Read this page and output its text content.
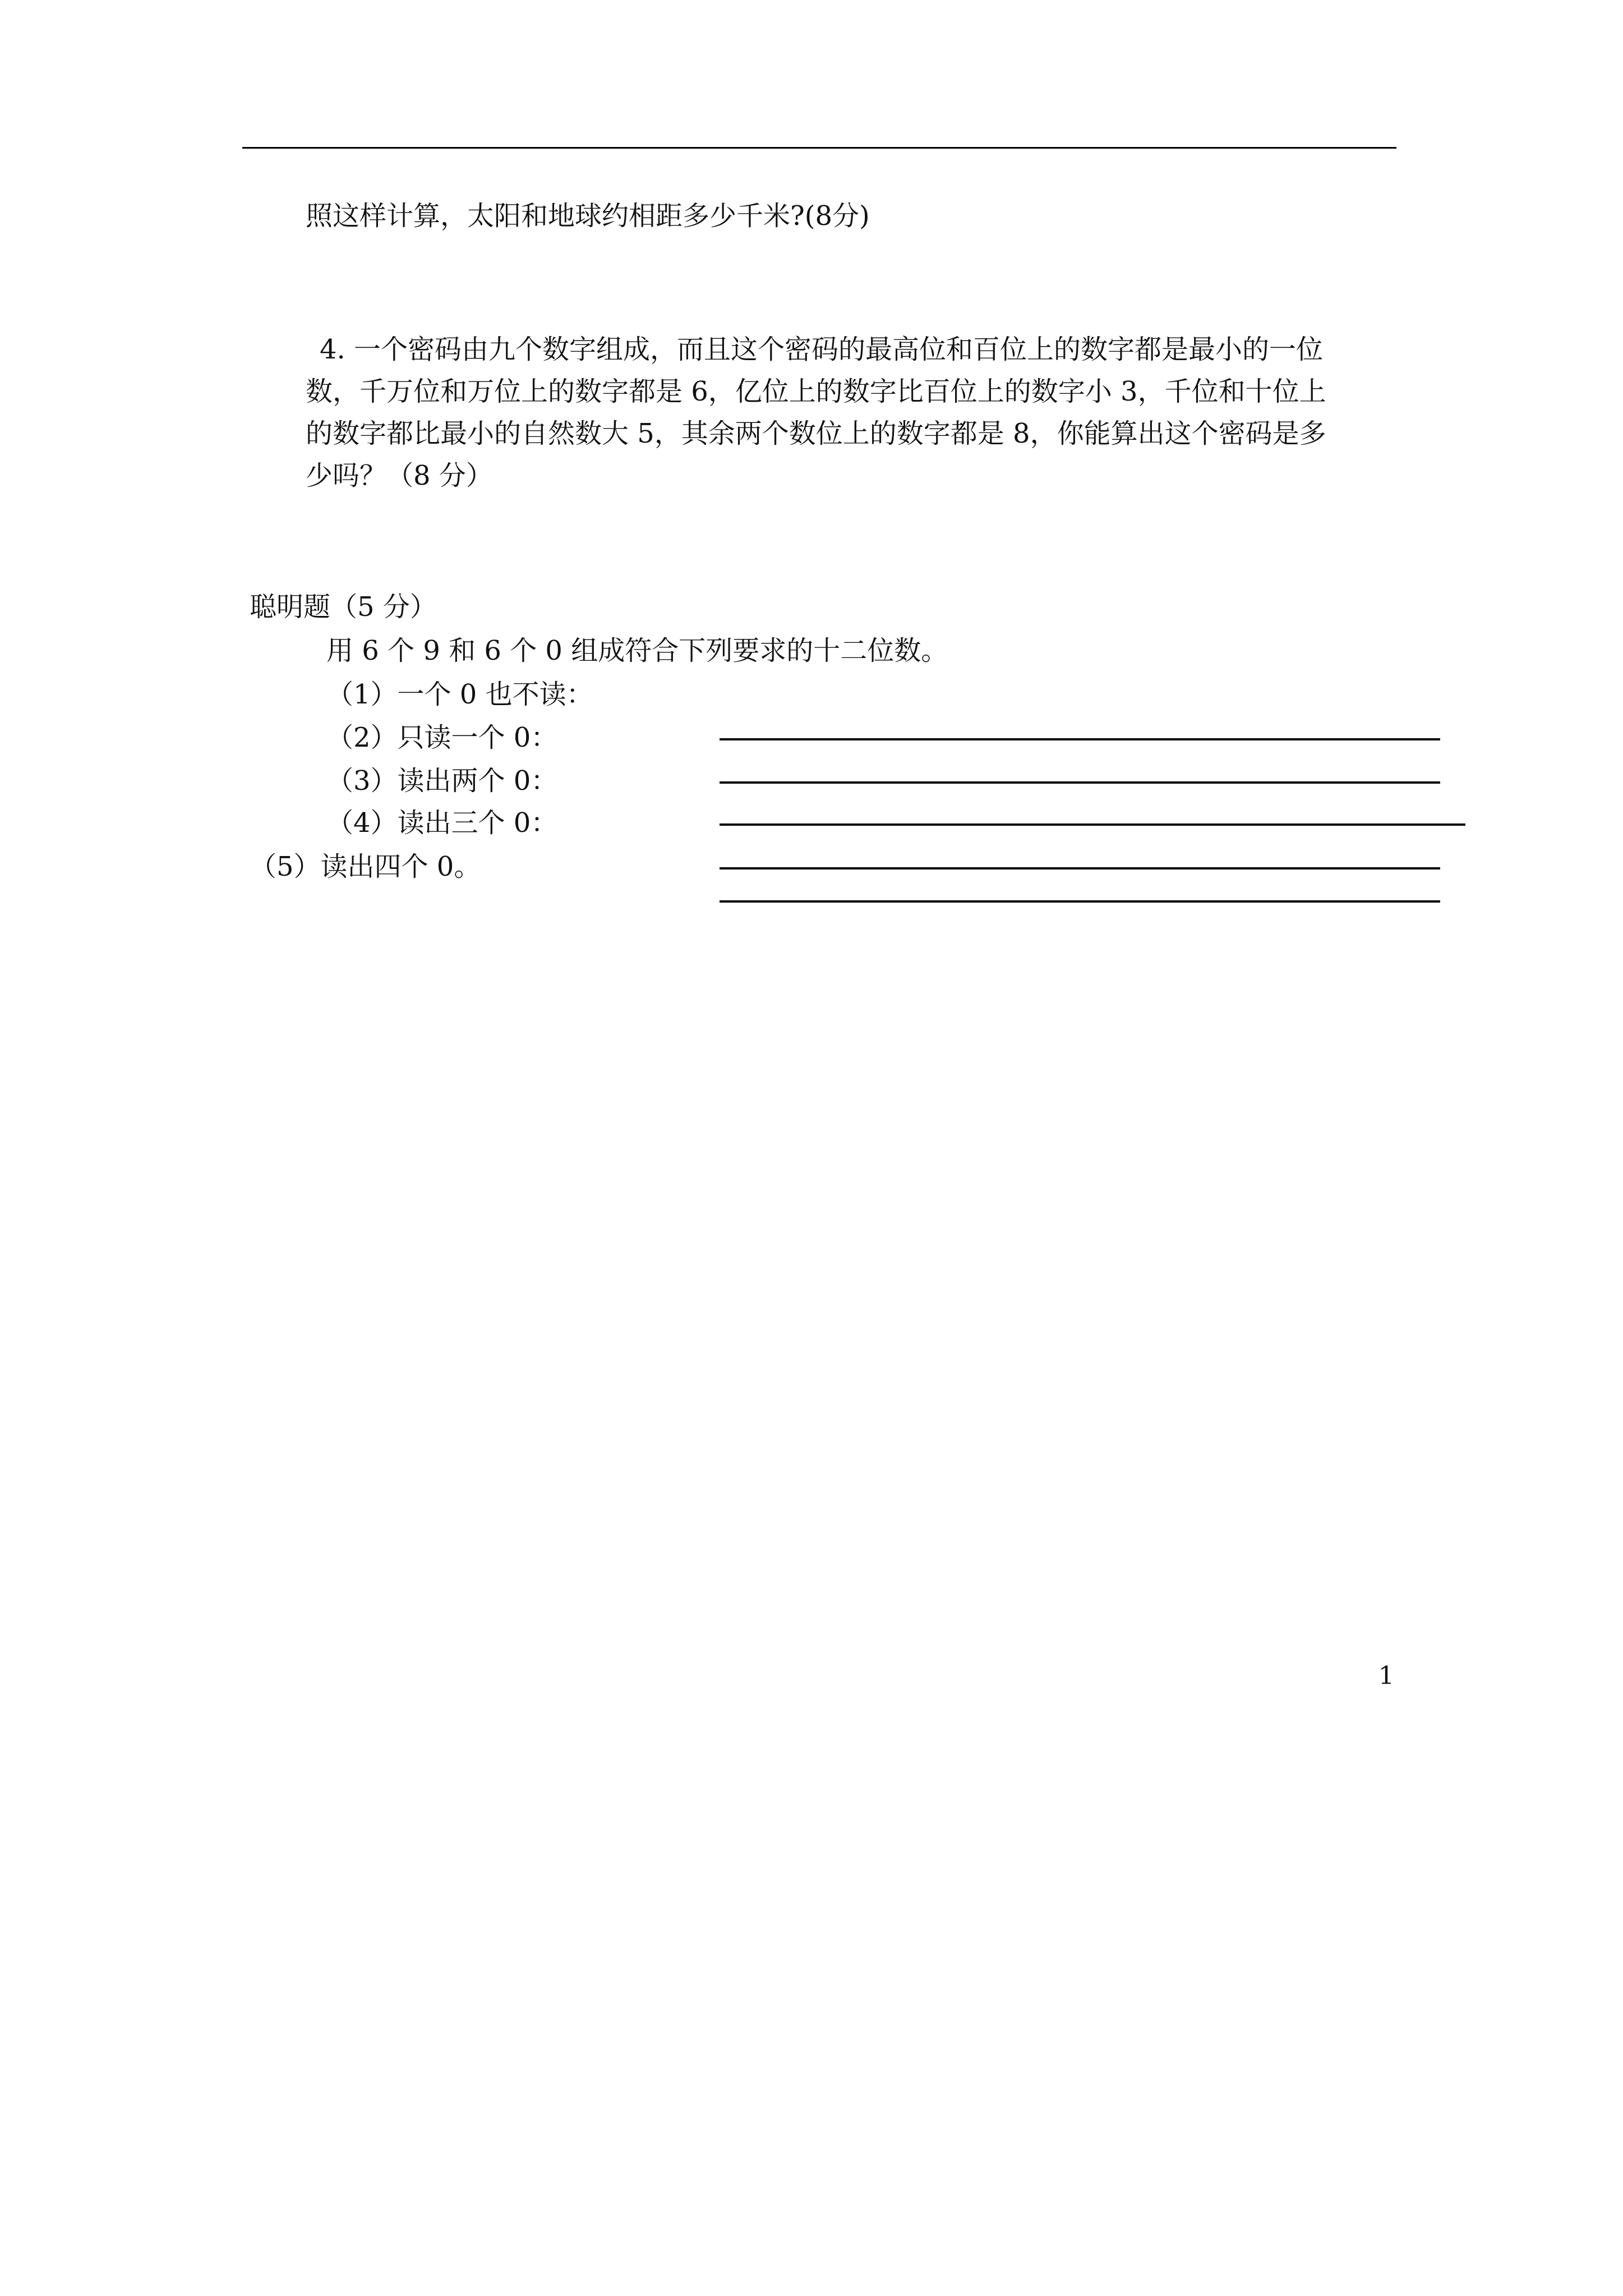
照这样计算，太阳和地球约相距多少千米?(8分)
4. 一个密码由九个数字组成，而且这个密码的最高位和百位上的数字都是最小的一位
数，千万位和万位上的数字都是 6，亿位上的数字比百位上的数字小 3，千位和十位上
的数字都比最小的自然数大 5，其余两个数位上的数字都是 8，你能算出这个密码是多
少吗？（8 分）
聪明题（5 分）
用 6 个 9 和 6 个 0 组成符合下列要求的十二位数。
（1）一个 0 也不读：
（2）只读一个 0：
（3）读出两个 0：
（4）读出三个 0：
（5）读出四个 0。
1
